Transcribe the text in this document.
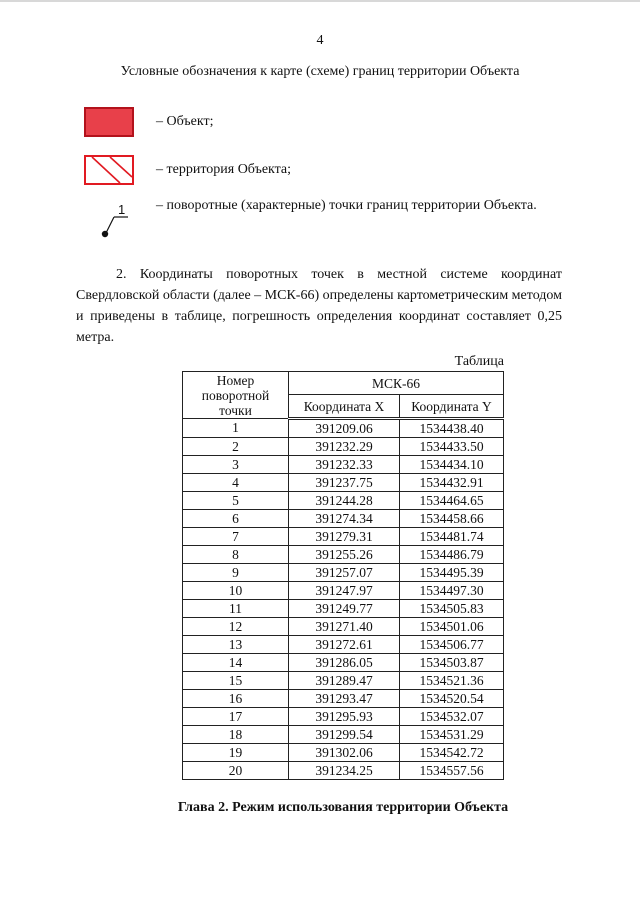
4
Условные обозначения к карте (схеме) границ территории Объекта
– Объект;
– территория Объекта;
1 – поворотные (характерные) точки границ территории Объекта.
2. Координаты поворотных точек в местной системе координат Свердловской области (далее – МСК-66) определены картометрическим методом и приведены в таблице, погрешность определения координат составляет 0,25 метра.
Таблица
Номер поворотной точки	МСК-66	
	Координата X	Координата Y
1	391209.06	1534438.40
2	391232.29	1534433.50
3	391232.33	1534434.10
4	391237.75	1534432.91
5	391244.28	1534464.65
6	391274.34	1534458.66
7	391279.31	1534481.74
8	391255.26	1534486.79
9	391257.07	1534495.39
10	391247.97	1534497.30
11	391249.77	1534505.83
12	391271.40	1534501.06
13	391272.61	1534506.77
14	391286.05	1534503.87
15	391289.47	1534521.36
16	391293.47	1534520.54
17	391295.93	1534532.07
18	391299.54	1534531.29
19	391302.06	1534542.72
20	391234.25	1534557.56
Глава 2. Режим использования территории Объекта
